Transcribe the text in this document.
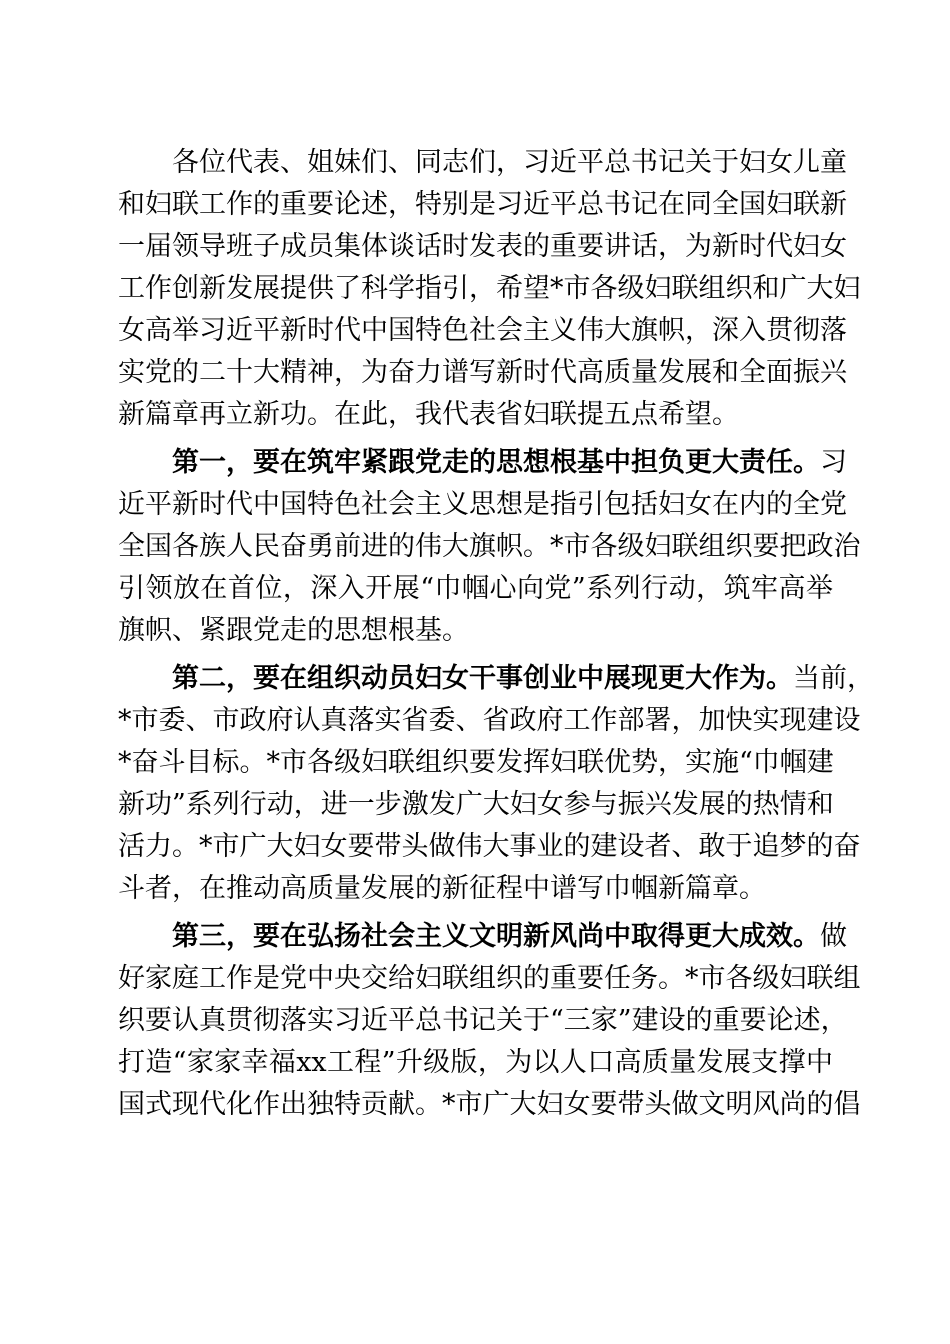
各位代表、姐妹们、同志们，习近平总书记关于妇女儿童
和妇联工作的重要论述，特别是习近平总书记在同全国妇联新
一届领导班子成员集体谈话时发表的重要讲话，为新时代妇女
工作创新发展提供了科学指引，希望*市各级妇联组织和广大妇
女高举习近平新时代中国特色社会主义伟大旗帜，深入贯彻落
实党的二十大精神，为奋力谱写新时代高质量发展和全面振兴
新篇章再立新功。在此，我代表省妇联提五点希望。
第一，要在筑牢紧跟党走的思想根基中担负更大责任。习
近平新时代中国特色社会主义思想是指引包括妇女在内的全党
全国各族人民奋勇前进的伟大旗帜。*市各级妇联组织要把政治
引领放在首位，深入开展“巾帼心向党”系列行动，筑牢高举
旗帜、紧跟党走的思想根基。
第二，要在组织动员妇女干事创业中展现更大作为。当前，
*市委、市政府认真落实省委、省政府工作部署，加快实现建设
*奋斗目标。*市各级妇联组织要发挥妇联优势，实施“巾帼建
新功”系列行动，进一步激发广大妇女参与振兴发展的热情和
活力。*市广大妇女要带头做伟大事业的建设者、敢于追梦的奋
斗者，在推动高质量发展的新征程中谱写巾帼新篇章。
第三，要在弘扬社会主义文明新风尚中取得更大成效。做
好家庭工作是党中央交给妇联组织的重要任务。*市各级妇联组
织要认真贯彻落实习近平总书记关于“三家”建设的重要论述，
打造“家家幸福xx工程”升级版，为以人口高质量发展支撑中
国式现代化作出独特贡献。*市广大妇女要带头做文明风尚的倡
